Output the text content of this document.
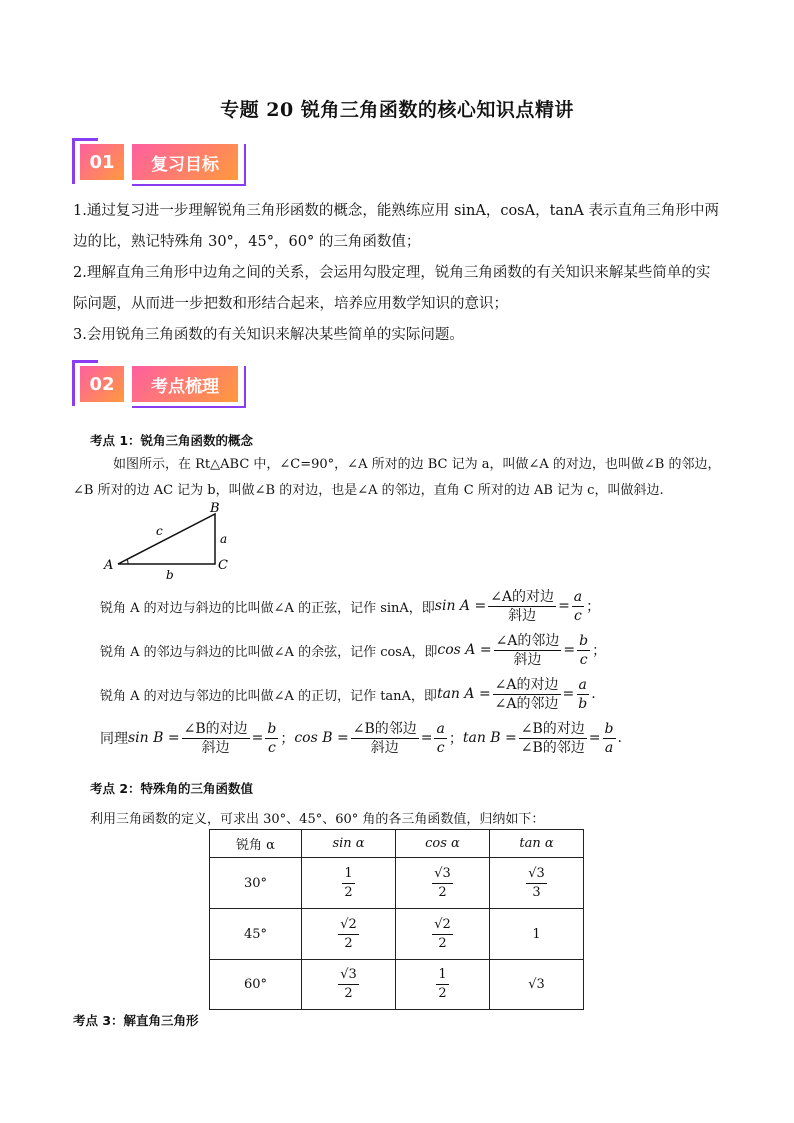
专题 20 锐角三角函数的核心知识点精讲
01	复习目标
1.通过复习进一步理解锐角三角形函数的概念，能熟练应用 sinA，cosA，tanA 表示直角三角形中两边的比，熟记特殊角 30°，45°，60° 的三角函数值；
2.理解直角三角形中边角之间的关系，会运用勾股定理，锐角三角函数的有关知识来解某些简单的实际问题，从而进一步把数和形结合起来，培养应用数学知识的意识；
3.会用锐角三角函数的有关知识来解决某些简单的实际问题。
02	考点梳理
考点 1：锐角三角函数的概念
如图所示，在 Rt△ABC 中，∠C=90°，∠A 所对的边 BC 记为 a，叫做∠A 的对边，也叫做∠B 的邻边，∠B 所对的边 AC 记为 b，叫做∠B 的对边，也是∠A 的邻边，直角 C 所对的边 AB 记为 c，叫做斜边.
A
B
C
a
b
c
锐角 A 的对边与斜边的比叫做∠A 的正弦，记作 sinA，即 $\sin A = \frac{\text{∠A的对边}}{\text{斜边}} = \frac{a}{c}$ ；
锐角 A 的邻边与斜边的比叫做∠A 的余弦，记作 cosA，即 $\cos A = \frac{\text{∠A的邻边}}{\text{斜边}} = \frac{b}{c}$ ；
锐角 A 的对边与邻边的比叫做∠A 的正切，记作 tanA，即 $\tan A = \frac{\text{∠A的对边}}{\text{∠A的邻边}} = \frac{a}{b}$ .
同理 $\sin B = \frac{\text{∠B的对边}}{\text{斜边}} = \frac{b}{c}$ ； $\cos B = \frac{\text{∠B的邻边}}{\text{斜边}} = \frac{a}{c}$ ； $\tan B = \frac{\text{∠B的对边}}{\text{∠B的邻边}} = \frac{b}{a}$ .
考点 2：特殊角的三角函数值
利用三角函数的定义，可求出 30°、45°、60° 角的各三角函数值，归纳如下：
锐角 α	sin α	cos α	tan α
30°	$\frac{1}{2}$	$\frac{√3}{2}$	$\frac{√3}{3}$

45°	$\frac{√2}{2}$	$\frac{√2}{2}$	1
60°	$\frac{√3}{2}$	$\frac{1}{2}$	√3
考点 3：解直角三角形
